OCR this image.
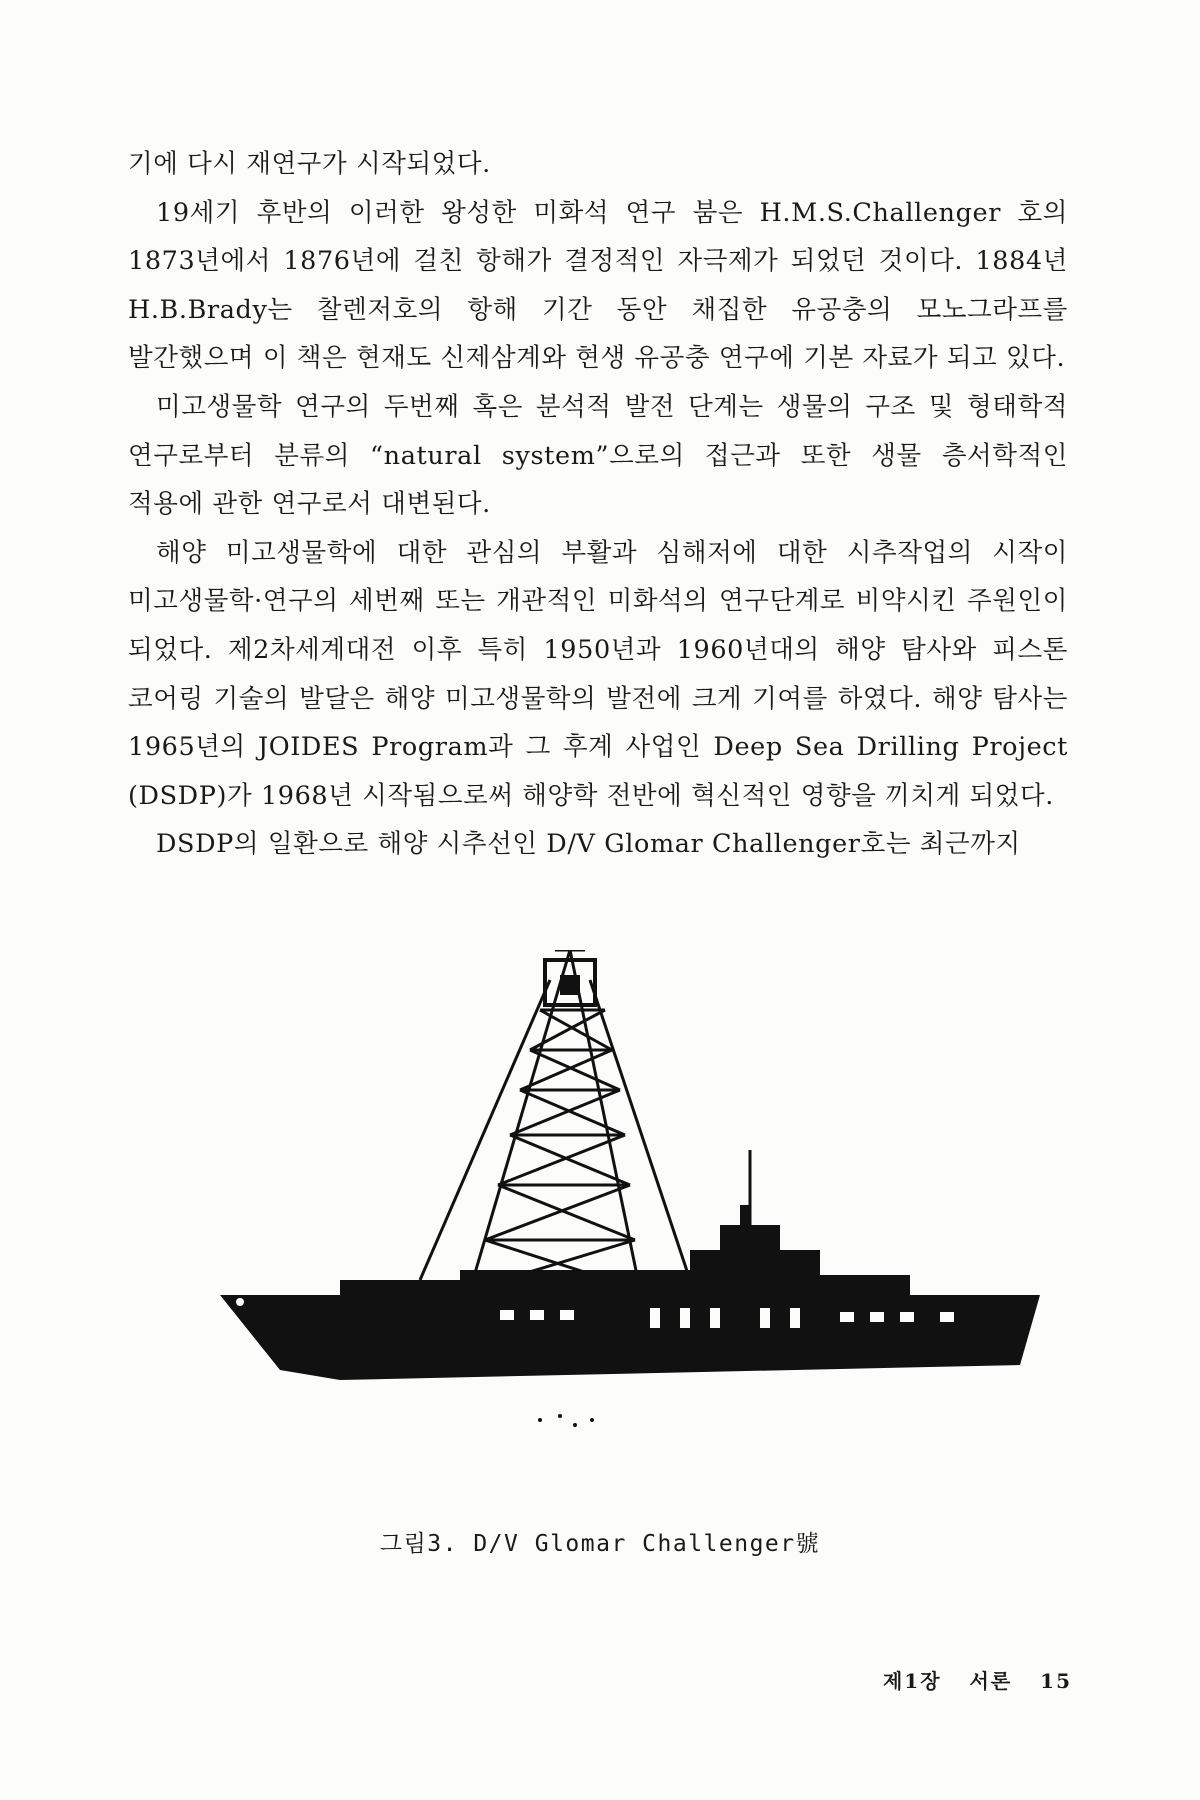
기에 다시 재연구가 시작되었다.

19세기 후반의 이러한 왕성한 미화석 연구 붐은 H.M.S.Challenger 호의 1873년에서 1876년에 걸친 항해가 결정적인 자극제가 되었던 것이다. 1884년 H.B.Brady는 찰렌저호의 항해 기간 동안 채집한 유공충의 모노그라프를 발간했으며 이 책은 현재도 신제삼계와 현생 유공충 연구에 기본 자료가 되고 있다.

미고생물학 연구의 두번째 혹은 분석적 발전 단계는 생물의 구조 및 형태학적 연구로부터 분류의 “natural system”으로의 접근과 또한 생물 층서학적인 적용에 관한 연구로서 대변된다.

해양 미고생물학에 대한 관심의 부활과 심해저에 대한 시추작업의 시작이 미고생물학·연구의 세번째 또는 개관적인 미화석의 연구단계로 비약시킨 주원인이 되었다. 제2차세계대전 이후 특히 1950년과 1960년대의 해양 탐사와 피스톤 코어링 기술의 발달은 해양 미고생물학의 발전에 크게 기여를 하였다. 해양 탐사는 1965년의 JOIDES Program과 그 후계 사업인 Deep Sea Drilling Project (DSDP)가 1968년 시작됨으로써 해양학 전반에 혁신적인 영향을 끼치게 되었다.

DSDP의 일환으로 해양 시추선인 D/V Glomar Challenger호는 최근까지

그림3. D/V Glomar Challenger號
제1장 서론 15
